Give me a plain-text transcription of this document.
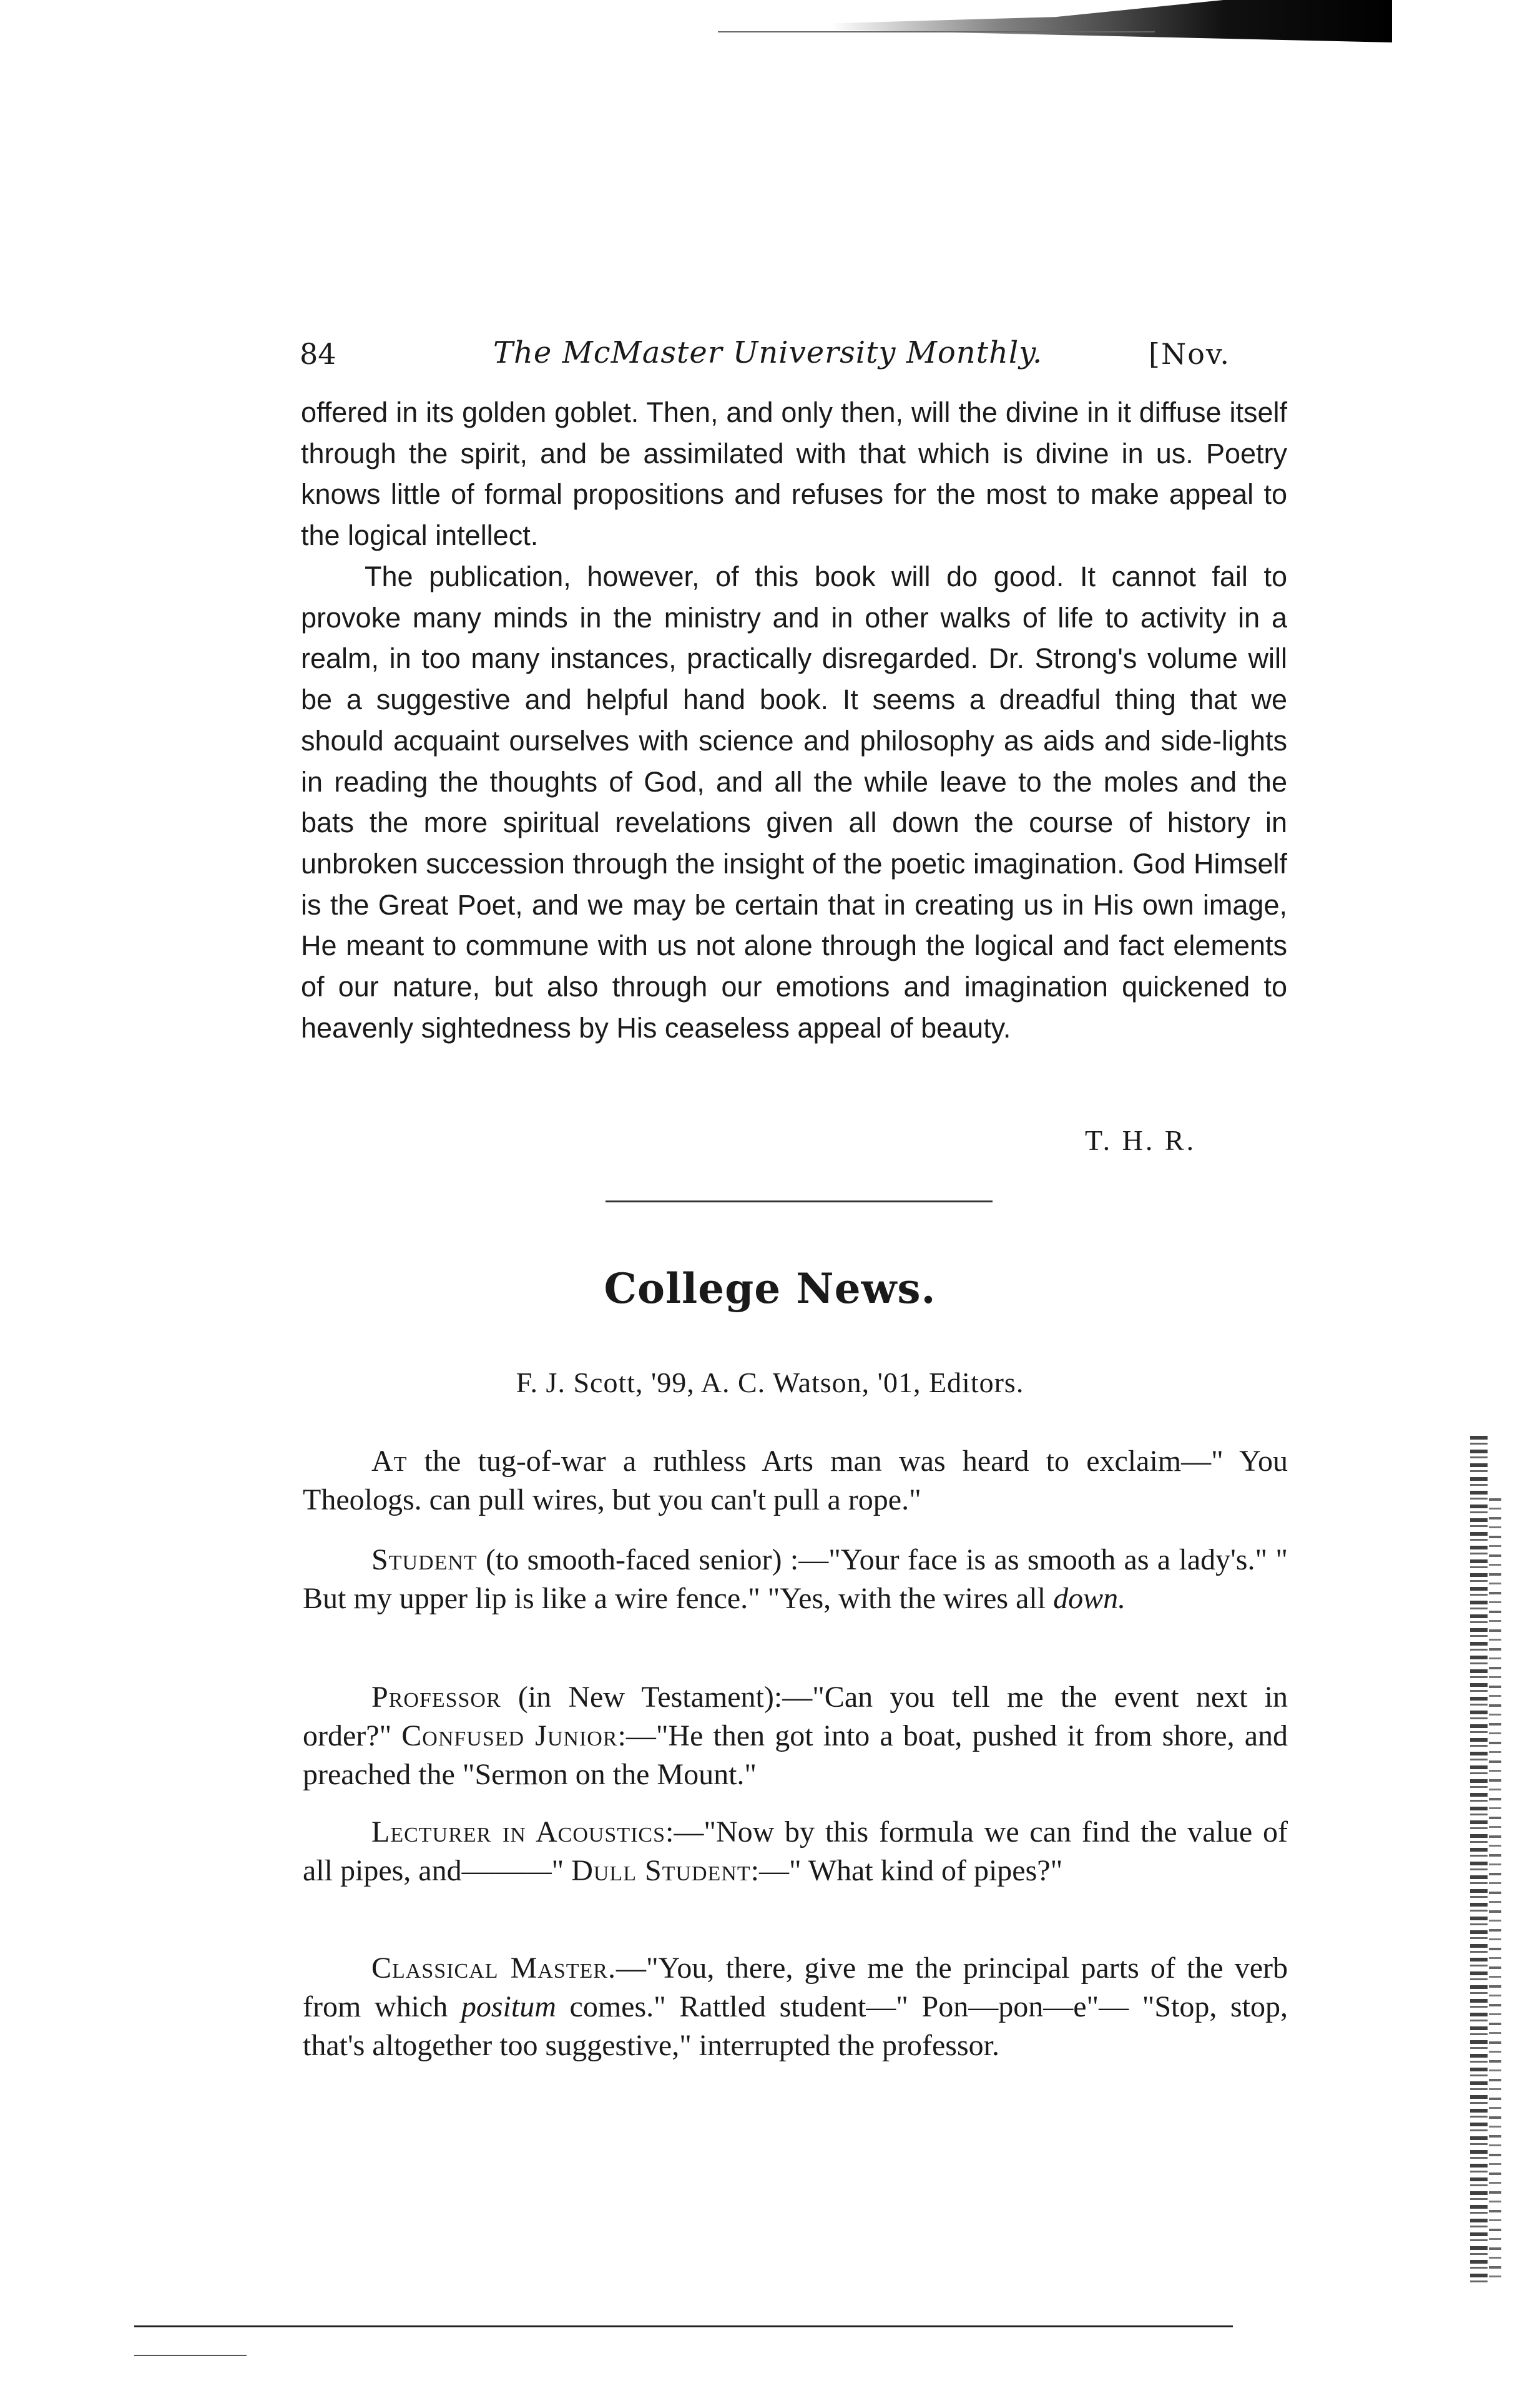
84	The McMaster University Monthly.	[Nov.
offered in its golden goblet. Then, and only then, will the divine in it diffuse itself through the spirit, and be assimilated with that which is divine in us. Poetry knows little of formal propositions and refuses for the most to make appeal to the logical intellect.
The publication, however, of this book will do good. It cannot fail to provoke many minds in the ministry and in other walks of life to activity in a realm, in too many instances, practically disregarded. Dr. Strong's volume will be a suggestive and helpful hand book. It seems a dreadful thing that we should acquaint ourselves with science and philosophy as aids and side-lights in reading the thoughts of God, and all the while leave to the moles and the bats the more spiritual revelations given all down the course of history in unbroken succession through the insight of the poetic imagination. God Himself is the Great Poet, and we may be certain that in creating us in His own image, He meant to commune with us not alone through the logical and fact elements of our nature, but also through our emotions and imagination quickened to heavenly sightedness by His ceaseless appeal of beauty.
T. H. R.
College News.
F. J. Scott, '99, A. C. Watson, '01, Editors.
At the tug-of-war a ruthless Arts man was heard to exclaim—" You Theologs. can pull wires, but you can't pull a rope."
Student (to smooth-faced senior) :—"Your face is as smooth as a lady's." " But my upper lip is like a wire fence." "Yes, with the wires all down.
Professor (in New Testament):—"Can you tell me the event next in order?" Confused Junior:—"He then got into a boat, pushed it from shore, and preached the "Sermon on the Mount."
Lecturer in Acoustics:—"Now by this formula we can find the value of all pipes, and———" Dull Student:—" What kind of pipes?"
Classical Master.—"You, there, give me the principal parts of the verb from which positum comes." Rattled student—" Pon—pon—e"— "Stop, stop, that's altogether too suggestive," interrupted the professor.
